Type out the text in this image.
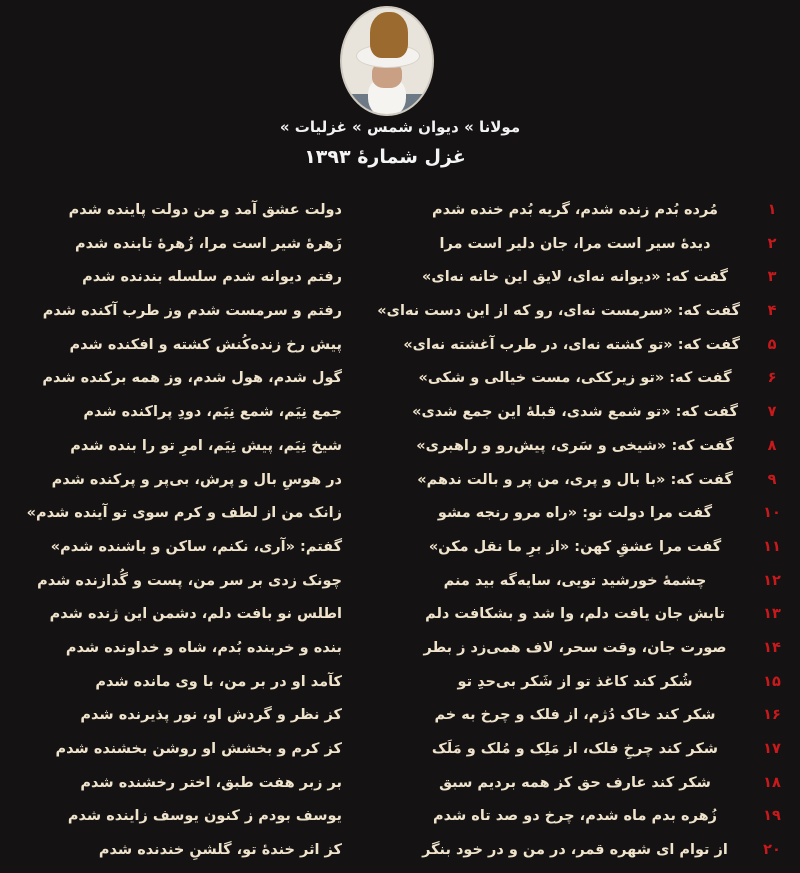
مولانا » دیوان شمس » غزلیات »
غزل شمارهٔ ۱۳۹۳
۱
مُرده بُدم زنده شدم، گریه بُدم خنده شدم
دولت عشق آمد و من دولت پاینده شدم
۲
دیدهٔ سیر است مرا، جان دلیر است مرا
زَهرهٔ شیر است مرا، زُهرهٔ تابنده شدم
۳
گفت که: «دیوانه نه‌ای، لایق این خانه نه‌ای»
رفتم دیوانه شدم سلسله بندنده شدم
۴
گفت که: «سرمست نه‌ای، رو که از این دست نه‌ای»
رفتم و سرمست شدم وز طرب آکنده شدم
۵
گفت که: «تو کشته نه‌ای، در طرب آغشته نه‌ای»
پیش رخ زنده‌کُنش کشته و افکنده شدم
۶
گفت که: «تو زیرککی، مست خیالی و شکی»
گول شدم، هول شدم، وز همه برکنده شدم
۷
گفت که: «تو شمع شدی، قبلهٔ این جمع شدی»
جمع نِیَم، شمع نِیَم، دودِ پراکنده شدم
۸
گفت که: «شیخی و سَری، پیش‌رو و راهبری»
شیخ نِیَم، پیش نِیَم، امرِ تو را بنده شدم
۹
گفت که: «با بال و پری، من پر و بالت ندهم»
در هوسِ بال و پرش، بی‌پر و پرکنده شدم
۱۰
گفت مرا دولت نو: «راه مرو رنجه مشو
زانک من از لطف و کرم سوی تو آینده شدم»
۱۱
گفت مرا عشقِ کهن: «از برِ ما نقل مکن»
گفتم: «آری، نکنم، ساکن و باشنده شدم»
۱۲
چشمهٔ خورشید تویی، سایه‌گه بید منم
چونک زدی بر سر من، پست و گُدازنده شدم
۱۳
تابش جان یافت دلم، وا شد و بشکافت دلم
اطلس نو بافت دلم، دشمن این ژنده شدم
۱۴
صورت جان، وقت سحر، لاف همی‌زد ز بطر
بنده و خربنده بُدم، شاه و خداونده شدم
۱۵
شُکر کند کاغذ تو از شَکر بی‌حدِ تو
کآمد او در بر من، با وی مانده شدم
۱۶
شکر کند خاک دُژم، از فلک و چرخ به خم
کز نظر و گردش او، نور پذیرنده شدم
۱۷
شکر کند چرخِ فلک، از مَلِک و مُلک و مَلَک
کز کرم و بخشش او روشن بخشنده شدم
۱۸
شکر کند عارف حق کز همه بردیم سبق
بر زبر هفت طبق، اختر رخشنده شدم
۱۹
زُهره بدم ماه شدم، چرخ دو صد تاه شدم
یوسف بودم ز کنون یوسف زاینده شدم
۲۰
از توام ای شهره قمر، در من و در خود بنگر
کز اثر خندهٔ تو، گلشنِ خندنده شدم
